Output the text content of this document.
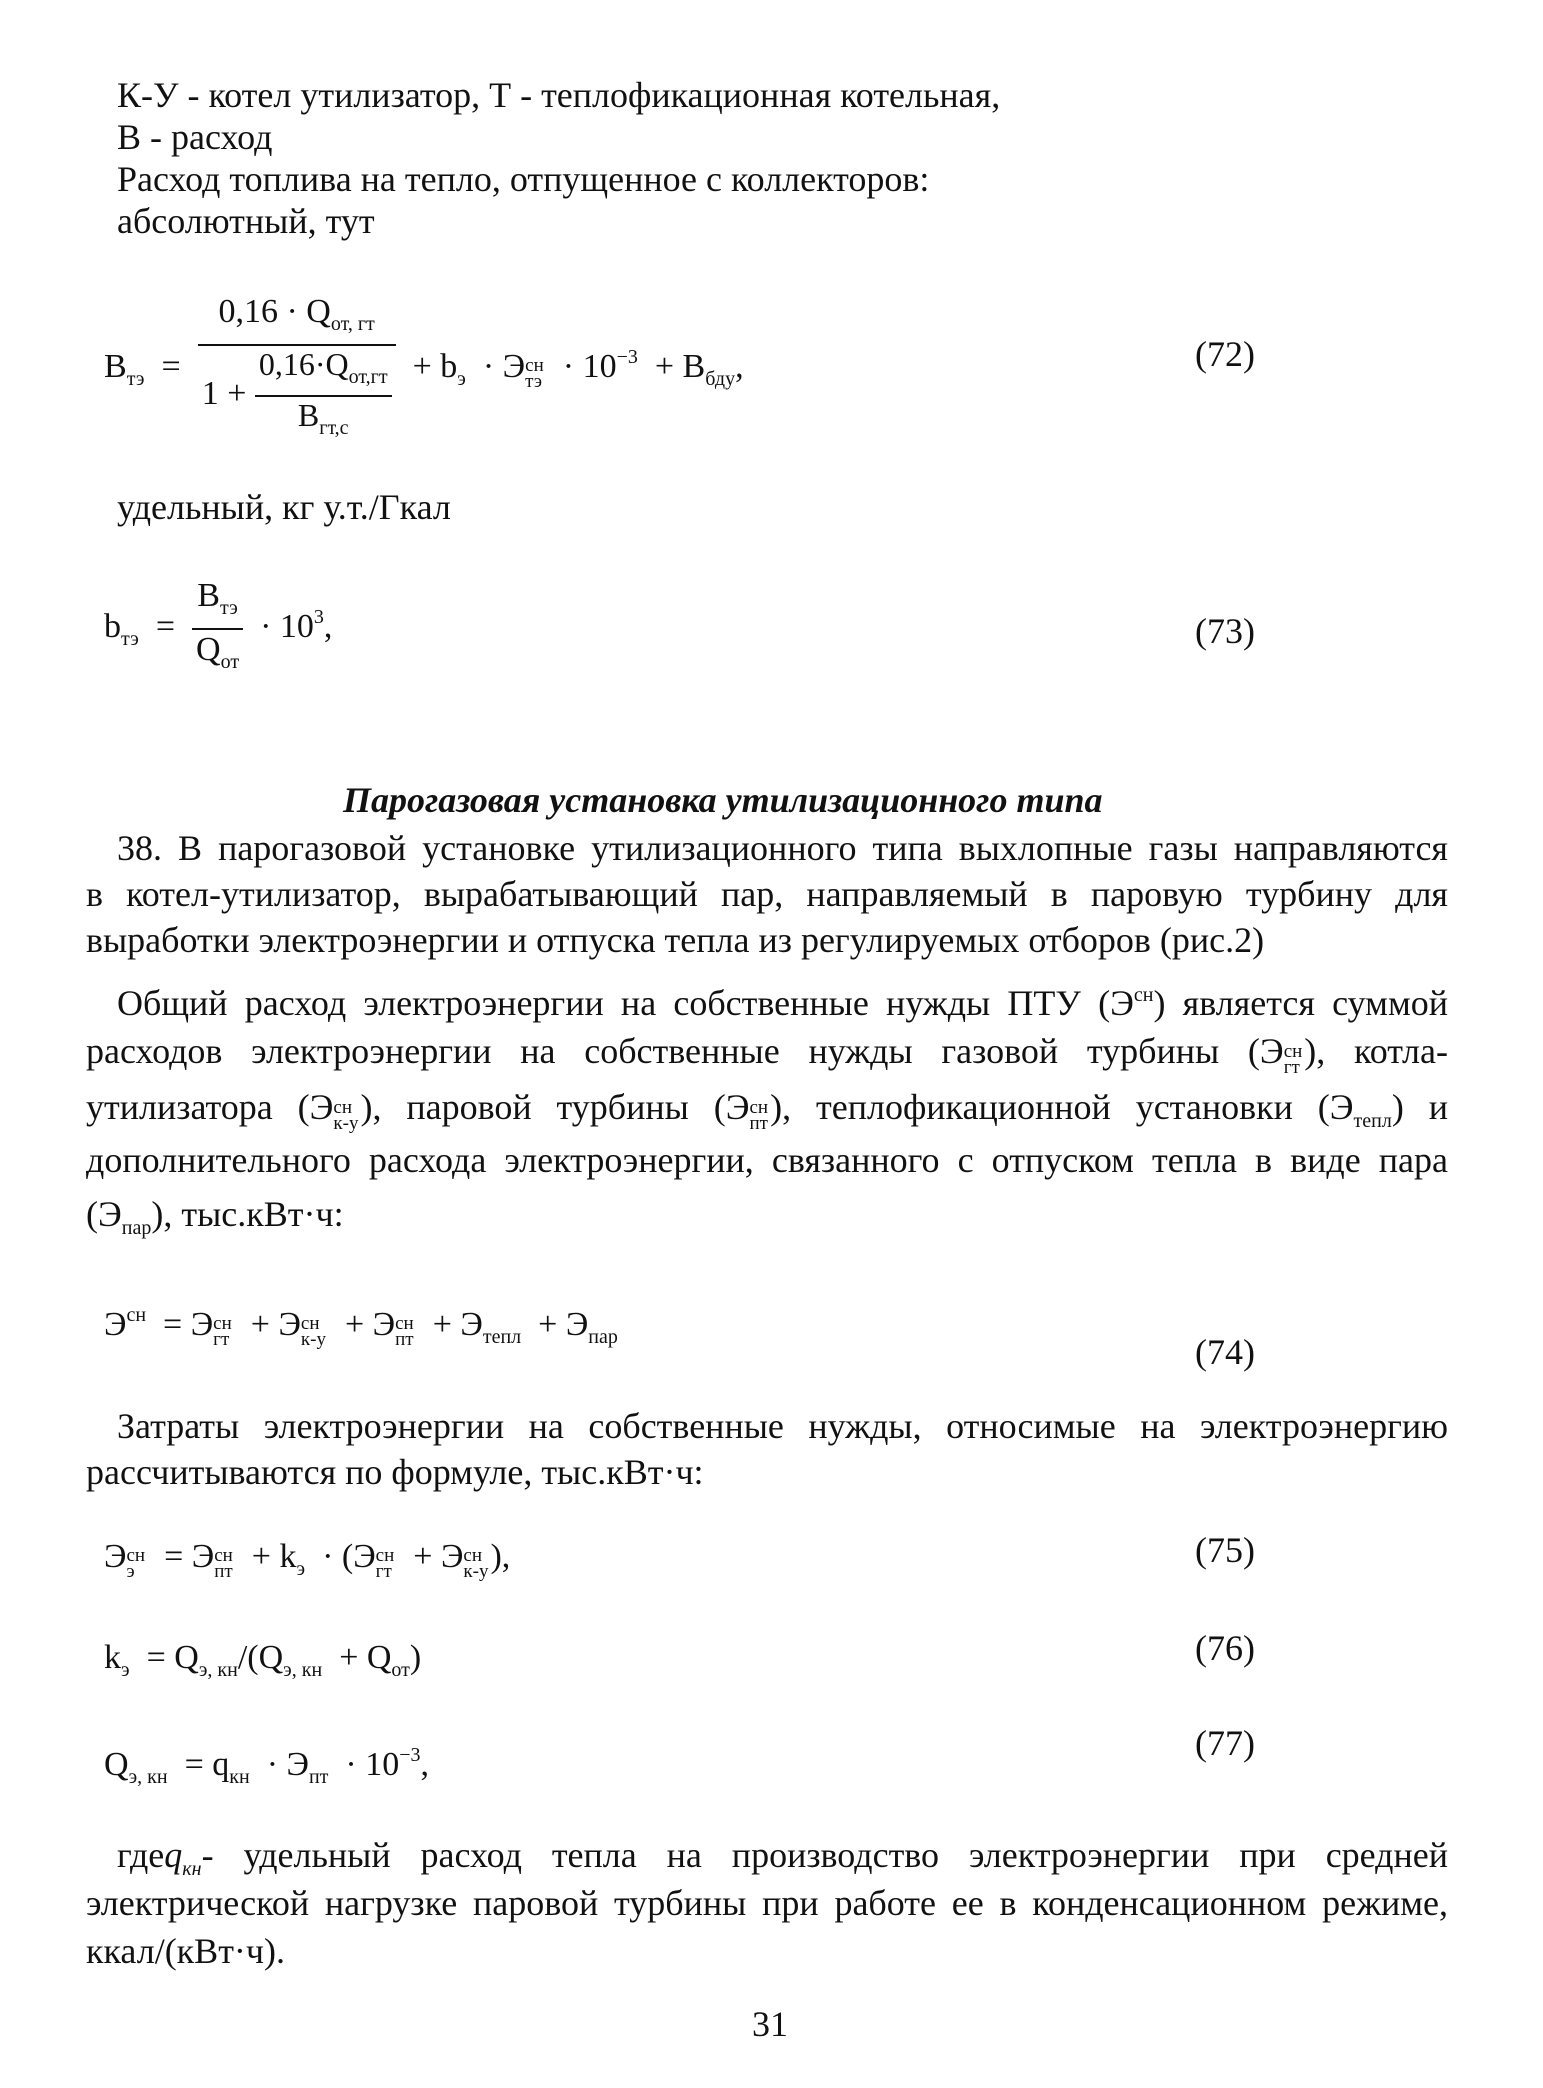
К-У - котел утилизатор, Т - теплофикационная котельная,
В - расход
Расход топлива на тепло, отпущенное с коллекторов:
абсолютный, тут
$B_{тэ}$  =
$0,16 \cdot Q_{от, гт}$
$1 + \frac{0,16\cdot Q_{от,гт}}{B_{гт,с}} + b_э \cdot Э$ сн
тэ · $10^{-3} + B_{бду}$,	(72)
удельный, кг у.т./Гкал
$b_{тэ} = \frac{B_{тэ}}{Q_{от}} \cdot 10^3$,	(73)
Парогазовая установка утилизационного типа
38. В парогазовой установке утилизационного типа выхлопные газы направляются
в котел-утилизатор, вырабатывающий пар, направляемый в паровую турбину для
выработки электроэнергии и отпуска тепла из регулируемых отборов (рис.2)
Общий расход электроэнергии на собственные нужды ПТУ $(Э^{сн})$ является суммой
расходов электроэнергии на собственные нужды газовой турбины (Э сн
гт ), котла-
утилизатора (Э сн
к-у ), паровой турбины (Э сн
пт ), теплофикационной установки $(Э_{тепл})$ и
дополнительного расхода электроэнергии, связанного с отпуском тепла в виде пара
$(Э_{пар})$, тыс.кВт·ч:
$Э^{сн} = Э$ сн
гт + Э сн
к-у + Э сн
пт + $Э_{тепл} + Э_{пар}$	(74)
Затраты электроэнергии на собственные нужды, относимые на электроэнергию
рассчитываются по формуле, тыс.кВт·ч:
Э сн
э = Э сн
пт + $k_э \cdot (Э$ сн
гт + Э сн
к-у ),	(75)
$k_э = Q_{э, кн}/(Q_{э, кн} + Q_{от})$	(76)
$Q_{э, кн} = q_{кн} \cdot Э_{пт} \cdot 10^{-3}$,
(77)
гдеq$_{кн}$- удельный расход тепла на производство электроэнергии при средней
электрической нагрузке паровой турбины при работе ее в конденсационном режиме,
ккал/(кВт·ч).
31
